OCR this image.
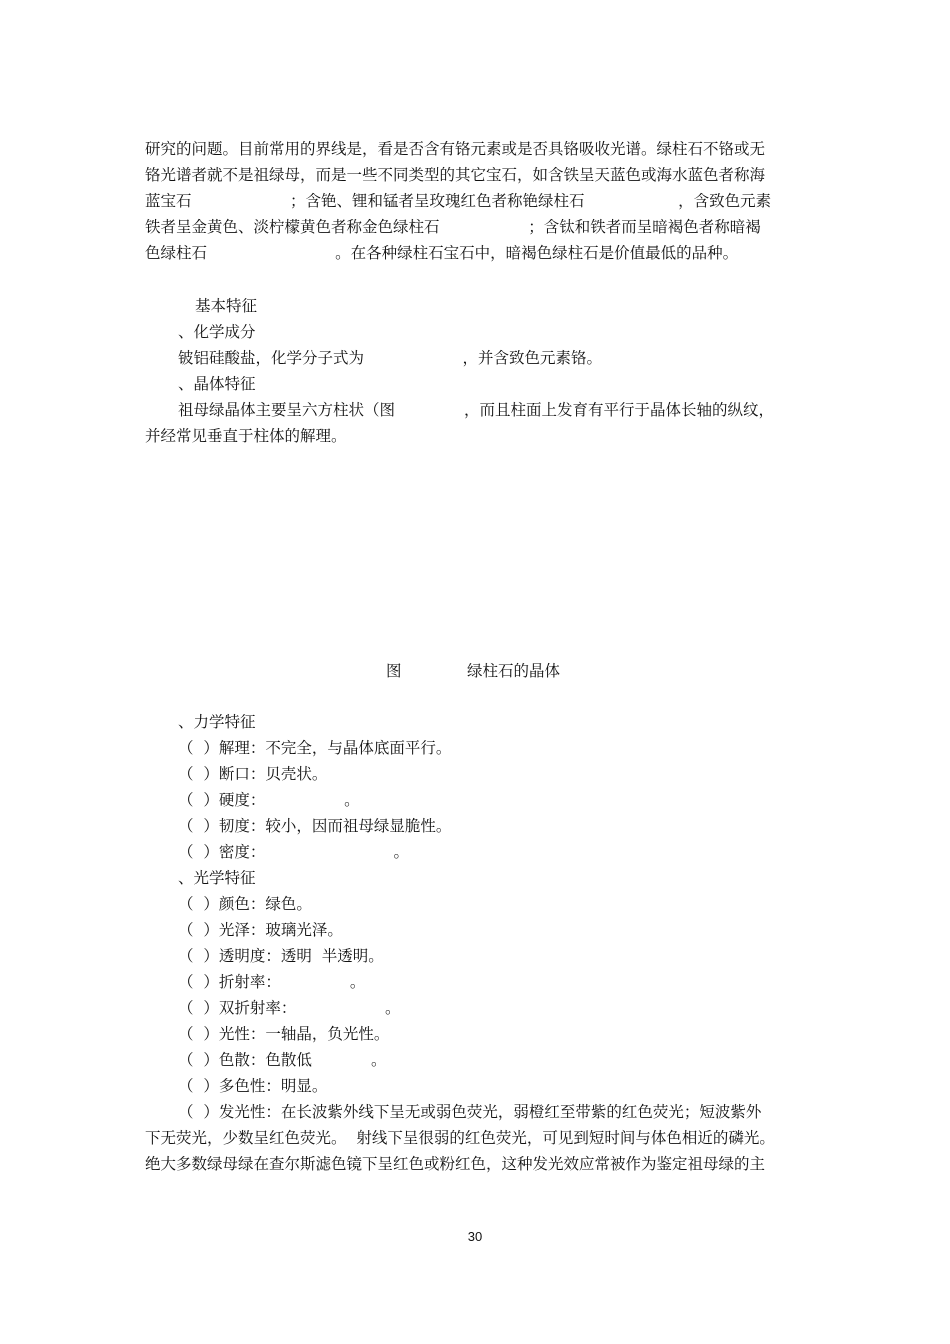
研究的问题。目前常用的界线是，看是否含有铬元素或是否具铬吸收光谱。绿柱石不铬或无
铬光谱者就不是祖绿母，而是一些不同类型的其它宝石，如含铁呈天蓝色或海水蓝色者称海
蓝宝石                    ；含铯、锂和锰者呈玫瑰红色者称铯绿柱石                   ，含致色元素
铁者呈金黄色、淡柠檬黄色者称金色绿柱石                  ；含钛和铁者而呈暗褐色者称暗褐
色绿柱石                          。在各种绿柱石宝石中，暗褐色绿柱石是价值最低的品种。
基本特征
、化学成分
铍铝硅酸盐，化学分子式为                    ，并含致色元素铬。
、晶体特征
祖母绿晶体主要呈六方柱状（图              ，而且柱面上发育有平行于晶体长轴的纵纹，
并经常见垂直于柱体的解理。
图	绿柱石的晶体
、力学特征
（  ）解理：不完全，与晶体底面平行。
（  ）断口：贝壳状。
（  ）硬度：                。
（  ）韧度：较小，因而祖母绿显脆性。
（  ）密度：                          。
、光学特征
（  ）颜色：绿色。
（  ）光泽：玻璃光泽。
（  ）透明度：透明  半透明。
（  ）折射率：              。
（  ）双折射率：                  。
（  ）光性：一轴晶，负光性。
（  ）色散：色散低            。
（  ）多色性：明显。
（  ）发光性：在长波紫外线下呈无或弱色荧光，弱橙红至带紫的红色荧光；短波紫外
下无荧光，少数呈红色荧光。  射线下呈很弱的红色荧光，可见到短时间与体色相近的磷光。
绝大多数绿母绿在查尔斯滤色镜下呈红色或粉红色，这种发光效应常被作为鉴定祖母绿的主
30
